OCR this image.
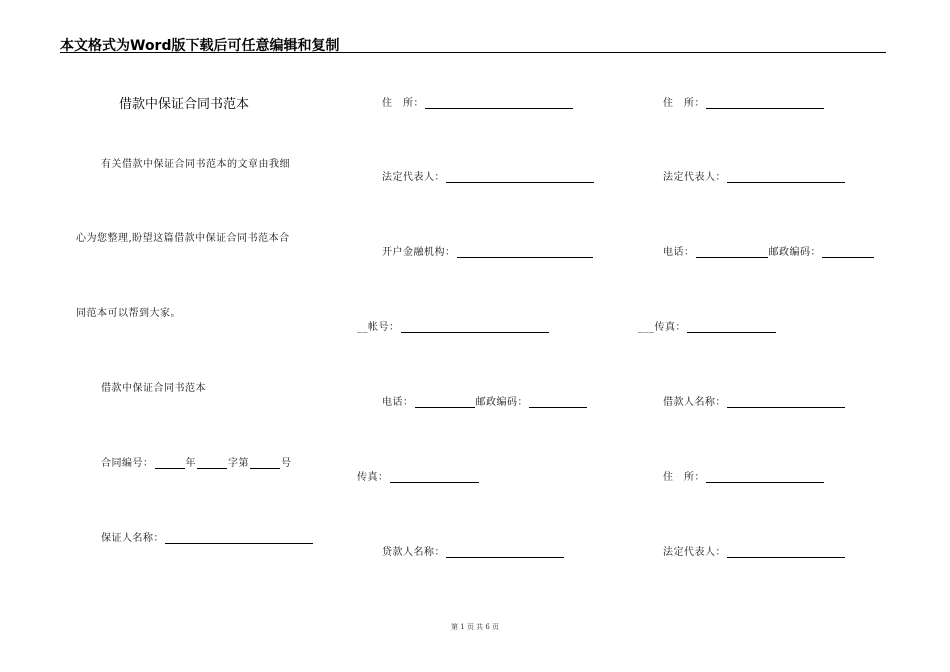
本文格式为Word版下载后可任意编辑和复制
借款中保证合同书范本
有关借款中保证合同书范本的文章由我细
心为您整理,盼望这篇借款中保证合同书范本合
同范本可以帮到大家。
借款中保证合同书范本
合同编号：	年	字第	号
保证人名称：
住　所：
法定代表人：
开户金融机构：
__帐号：
电话：	邮政编码：
传真：
贷款人名称：
住　所：
法定代表人：
电话：	邮政编码：
___传真：
借款人名称：
住　所：
法定代表人：
第 1 页 共 6 页
